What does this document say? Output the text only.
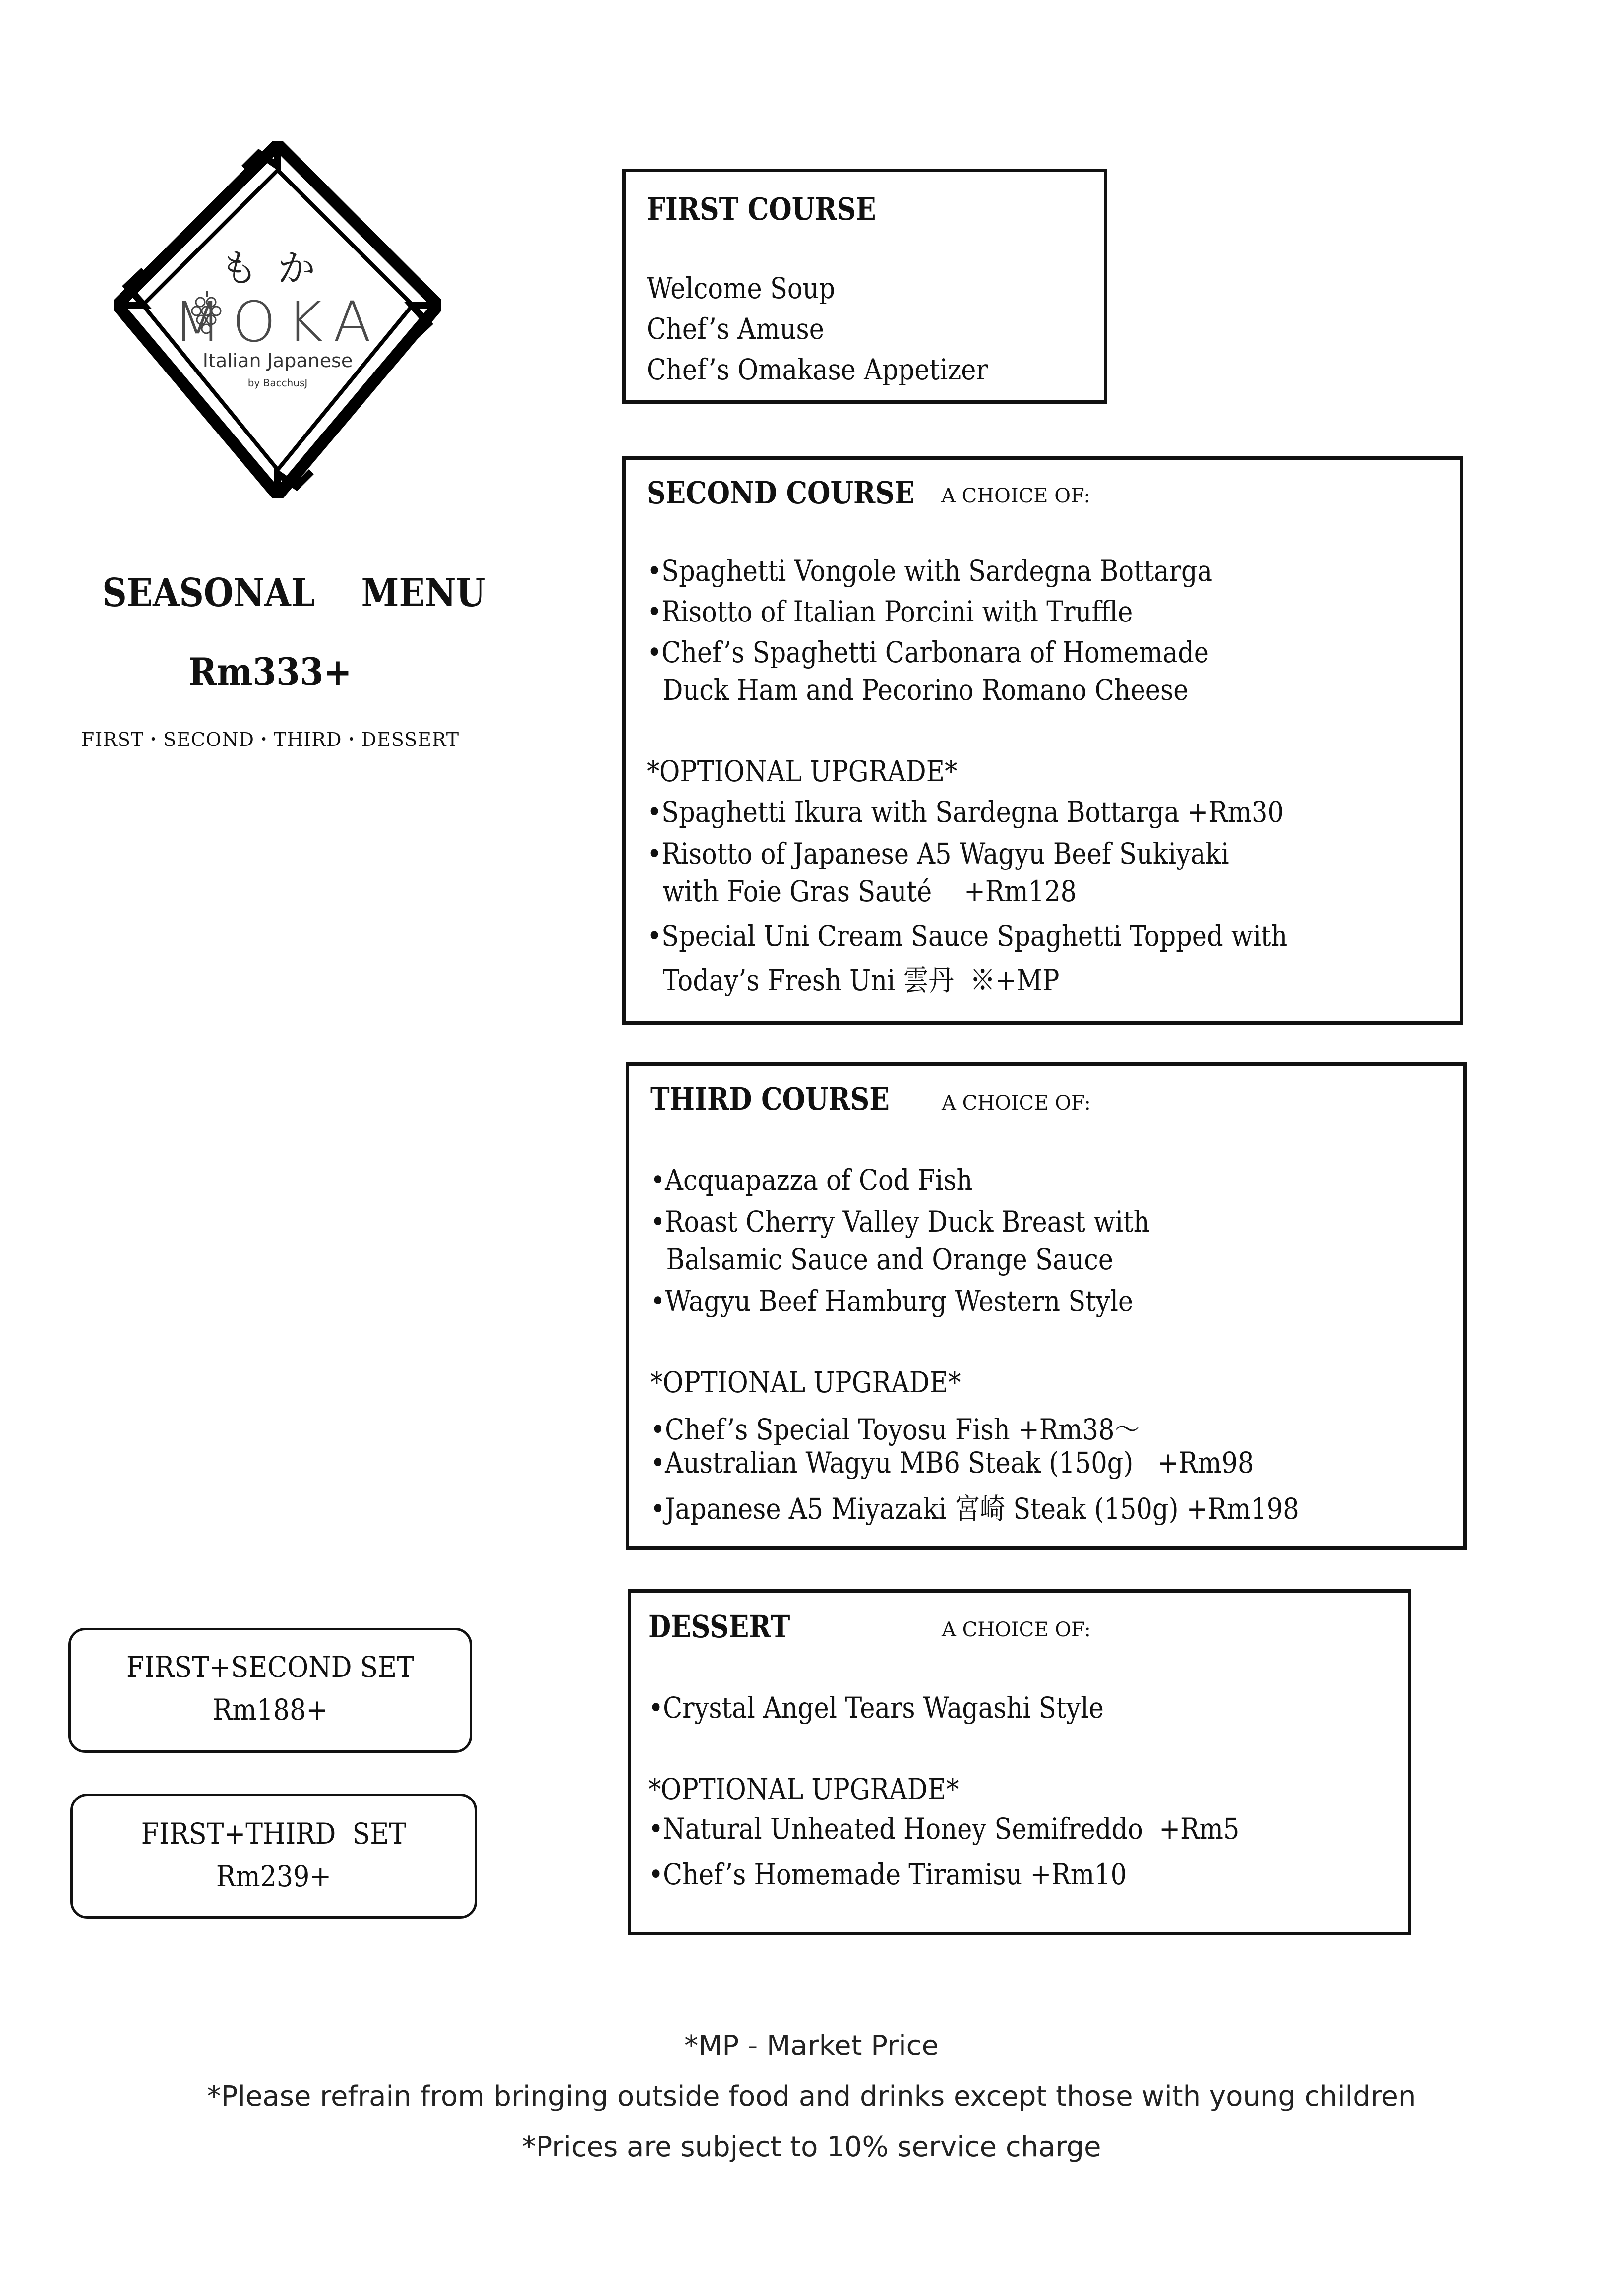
もか
MOKA
Italian Japanese
by BacchusJ
SEASONAL  MENU
Rm333+
FIRST・SECOND・THIRD・DESSERT
FIRST COURSE
Welcome Soup
Chef’s Amuse
Chef’s Omakase Appetizer
SECOND COURSE	A CHOICE OF:
•Spaghetti Vongole with Sardegna Bottarga
•Risotto of Italian Porcini with Truffle
•Chef’s Spaghetti Carbonara of Homemade
Duck Ham and Pecorino Romano Cheese
*OPTIONAL UPGRADE*
•Spaghetti Ikura with Sardegna Bottarga +Rm30
•Risotto of Japanese A5 Wagyu Beef Sukiyaki
with Foie Gras Sauté    +Rm128
•Special Uni Cream Sauce Spaghetti Topped with
Today’s Fresh Uni 雲丹  ※+MP
THIRD COURSE	A CHOICE OF:
•Acquapazza of Cod Fish
•Roast Cherry Valley Duck Breast with
Balsamic Sauce and Orange Sauce
•Wagyu Beef Hamburg Western Style
*OPTIONAL UPGRADE*
•Chef’s Special Toyosu Fish +Rm38～
•Australian Wagyu MB6 Steak (150g)   +Rm98
•Japanese A5 Miyazaki 宮崎 Steak (150g) +Rm198
DESSERT	A CHOICE OF:
•Crystal Angel Tears Wagashi Style
*OPTIONAL UPGRADE*
•Natural Unheated Honey Semifreddo  +Rm5
•Chef’s Homemade Tiramisu +Rm10
FIRST+SECOND SET
Rm188+
FIRST+THIRD  SET
Rm239+
*MP - Market Price
*Please refrain from bringing outside food and drinks except those with young children
*Prices are subject to 10% service charge
